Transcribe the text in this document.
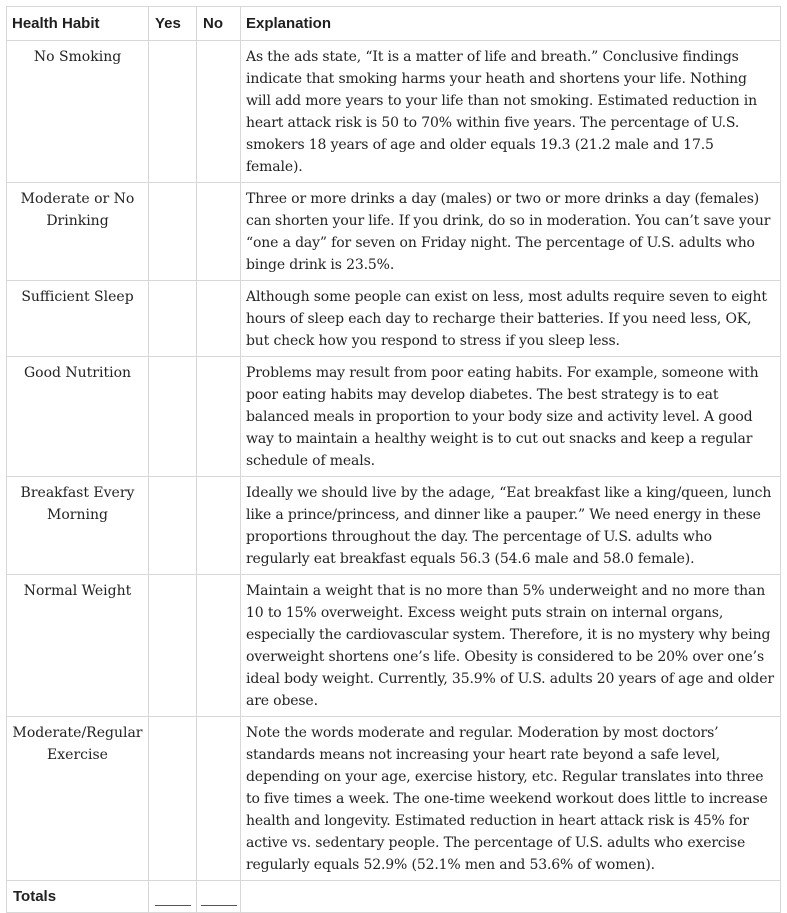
Health Habit	Yes	No	Explanation
No Smoking			As the ads state, “It is a matter of life and breath.” Conclusive findings indicate that smoking harms your heath and shortens your life. Nothing will add more years to your life than not smoking. Estimated reduction in heart attack risk is 50 to 70% within five years. The percentage of U.S. smokers 18 years of age and older equals 19.3 (21.2 male and 17.5 female).
Moderate or No Drinking			Three or more drinks a day (males) or two or more drinks a day (females) can shorten your life. If you drink, do so in moderation. You can’t save your “one a day” for seven on Friday night. The percentage of U.S. adults who binge drink is 23.5%.
Sufficient Sleep			Although some people can exist on less, most adults require seven to eight hours of sleep each day to recharge their batteries. If you need less, OK, but check how you respond to stress if you sleep less.
Good Nutrition			Problems may result from poor eating habits. For example, someone with poor eating habits may develop diabetes. The best strategy is to eat balanced meals in proportion to your body size and activity level. A good way to maintain a healthy weight is to cut out snacks and keep a regular schedule of meals.
Breakfast Every Morning			Ideally we should live by the adage, “Eat breakfast like a king/queen, lunch like a prince/princess, and dinner like a pauper.” We need energy in these proportions throughout the day. The percentage of U.S. adults who regularly eat breakfast equals 56.3 (54.6 male and 58.0 female).
Normal Weight			Maintain a weight that is no more than 5% underweight and no more than 10 to 15% overweight. Excess weight puts strain on internal organs, especially the cardiovascular system. Therefore, it is no mystery why being overweight shortens one’s life. Obesity is considered to be 20% over one’s ideal body weight. Currently, 35.9% of U.S. adults 20 years of age and older are obese.
Moderate/Regular Exercise			Note the words moderate and regular. Moderation by most doctors’ standards means not increasing your heart rate beyond a safe level, depending on your age, exercise history, etc. Regular translates into three to five times a week. The one-time weekend workout does little to increase health and longevity. Estimated reduction in heart attack risk is 45% for active vs. sedentary people. The percentage of U.S. adults who exercise regularly equals 52.9% (52.1% men and 53.6% of women).
Totals	
